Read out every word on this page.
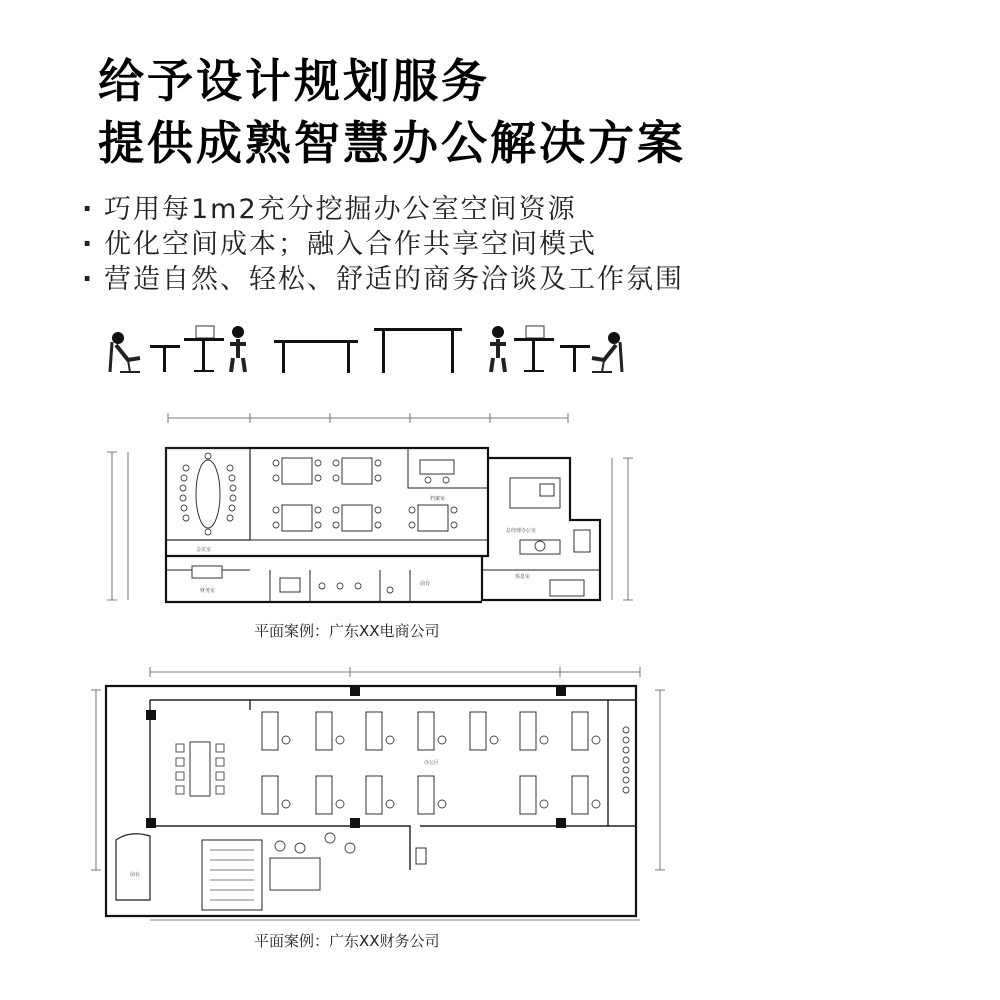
给予设计规划服务
提供成熟智慧办公解决方案
· 巧用每1m2充分挖掘办公室空间资源
· 优化空间成本；融入合作共享空间模式
· 营造自然、轻松、舒适的商务洽谈及工作氛围
会议室
档案室
总经理办公室
财务室
休息室
前台
平面案例：广东XX电商公司
办公区
前台
平面案例：广东XX财务公司
